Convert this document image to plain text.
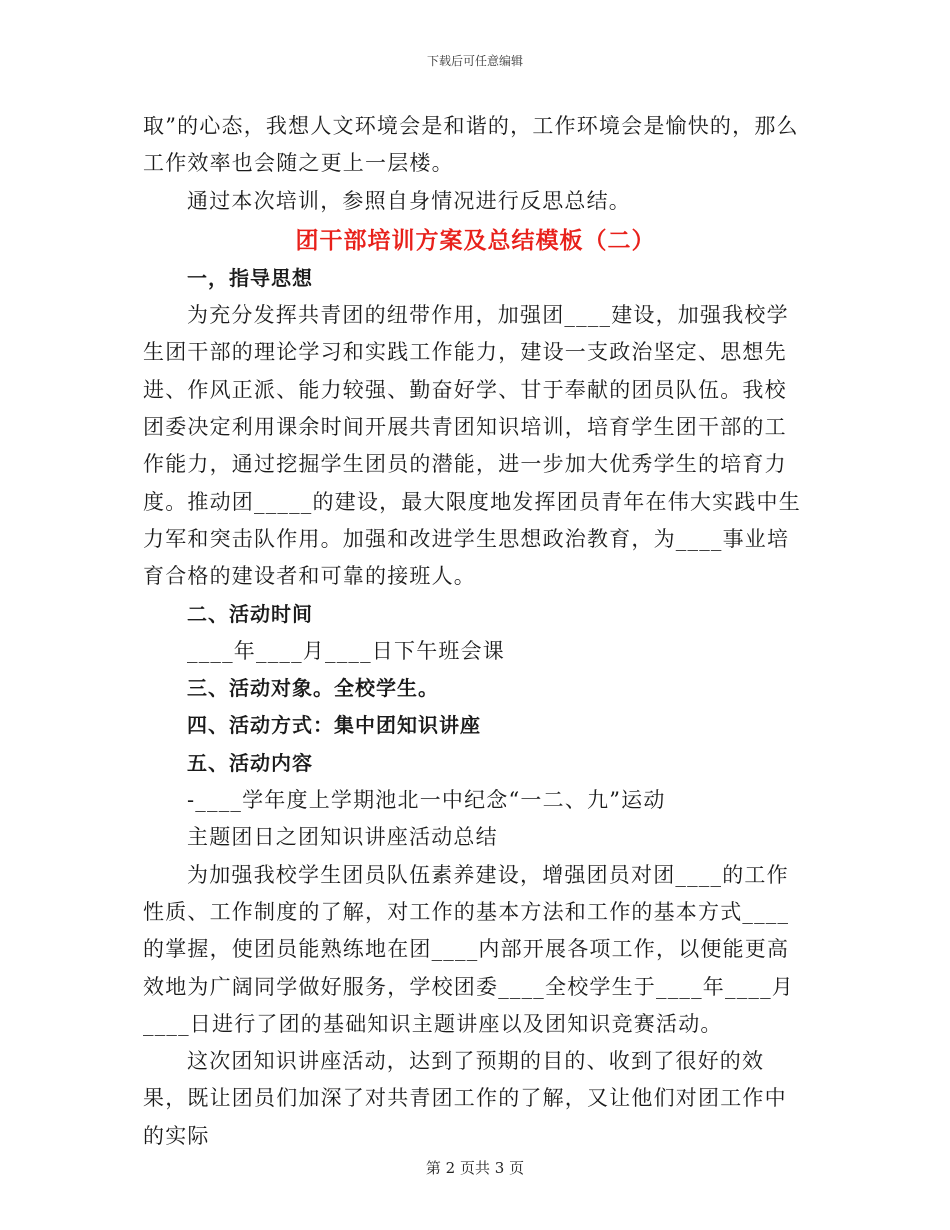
下载后可任意编辑

取”的心态，我想人文环境会是和谐的，工作环境会是愉快的，那么工作效率也会随之更上一层楼。

通过本次培训，参照自身情况进行反思总结。

团干部培训方案及总结模板（二）
一，指导思想

为充分发挥共青团的纽带作用，加强团____建设，加强我校学生团干部的理论学习和实践工作能力，建设一支政治坚定、思想先进、作风正派、能力较强、勤奋好学、甘于奉献的团员队伍。我校团委决定利用课余时间开展共青团知识培训，培育学生团干部的工作能力，通过挖掘学生团员的潜能，进一步加大优秀学生的培育力度。推动团_____的建设，最大限度地发挥团员青年在伟大实践中生力军和突击队作用。加强和改进学生思想政治教育，为____事业培育合格的建设者和可靠的接班人。

二、活动时间

____年____月____日下午班会课

三、活动对象。全校学生。
四、活动方式：集中团知识讲座
五、活动内容

-____学年度上学期池北一中纪念“一二、九”运动

主题团日之团知识讲座活动总结

为加强我校学生团员队伍素养建设，增强团员对团____的工作性质、工作制度的了解，对工作的基本方法和工作的基本方式____的掌握，使团员能熟练地在团____内部开展各项工作，以便能更高效地为广阔同学做好服务，学校团委____全校学生于____年____月____日进行了团的基础知识主题讲座以及团知识竞赛活动。

这次团知识讲座活动，达到了预期的目的、收到了很好的效果，既让团员们加深了对共青团工作的了解，又让他们对团工作中的实际

第 2 页共 3 页
